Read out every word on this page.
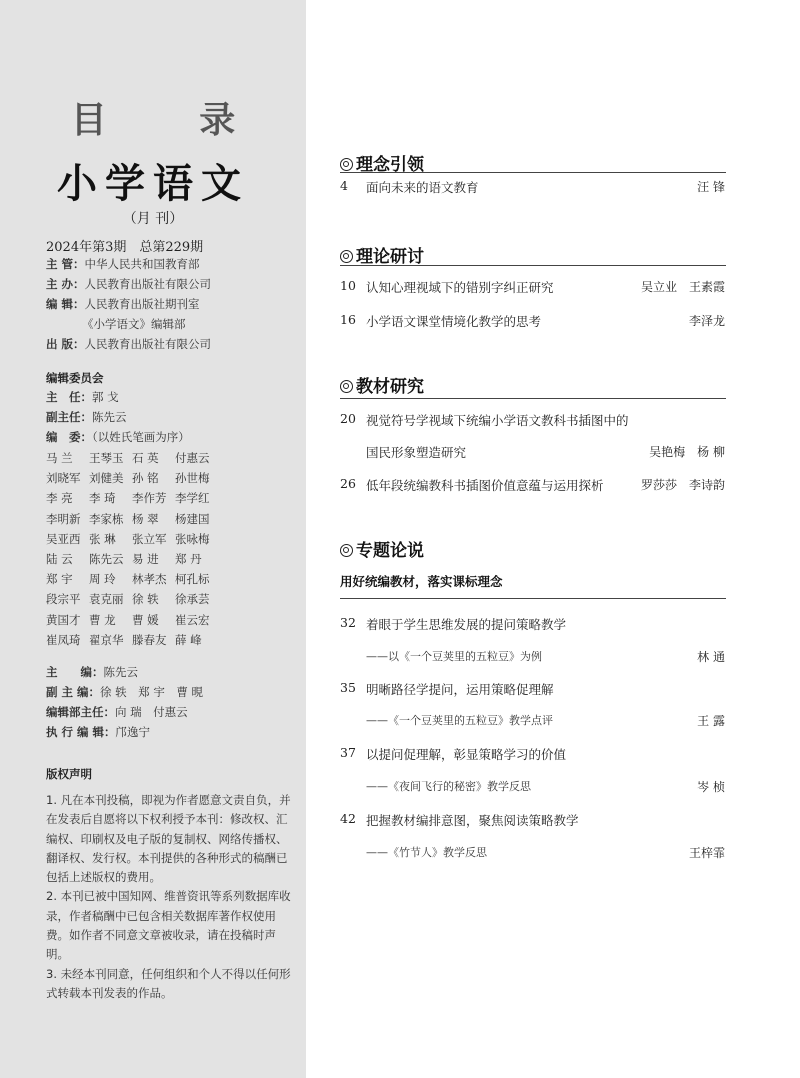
目 录
小学语文
（月 刊）
2024年第3期　总第229期
主 管：中华人民共和国教育部
主 办：人民教育出版社有限公司
编 辑：人民教育出版社期刊室
《小学语文》编辑部
出 版：人民教育出版社有限公司
编辑委员会
主　任：郭 戈
副主任：陈先云
编　委：（以姓氏笔画为序）
马 兰	王琴玉 石 英	付惠云
刘晓军 刘健美 孙 铭	孙世梅
李 亮	李 琦	李作芳 李学红
李明新 李家栋 杨 翠	杨建国
吴亚西 张 琳	张立军 张咏梅
陆 云	陈先云 易 进	郑 丹
郑 宇	周 玲	林孝杰 柯孔标
段宗平 袁克丽 徐 轶	徐承芸
黄国才 曹 龙	曹 媛	崔云宏
崔凤琦 翟京华 滕春友 薛 峰
主　　编：陈先云
副 主 编：徐 轶　郑 宇　曹 晛
编辑部主任：向 瑞　付惠云
执 行 编 辑：邝逸宁
版权声明

1. 凡在本刊投稿，即视为作者愿意文责自负，并在发表后自愿将以下权利授予本刊：修改权、汇编权、印刷权及电子版的复制权、网络传播权、翻译权、发行权。本刊提供的各种形式的稿酬已包括上述版权的费用。

2. 本刊已被中国知网、维普资讯等系列数据库收录，作者稿酬中已包含相关数据库著作权使用费。如作者不同意文章被收录，请在投稿时声明。

3. 未经本刊同意，任何组织和个人不得以任何形式转载本刊发表的作品。

理念引领
4 面向未来的语文教育	汪 锋
理论研讨
10 认知心理视域下的错别字纠正研究	吴立业　王素霞
16 小学语文课堂情境化教学的思考	李泽龙
教材研究
20 视觉符号学视域下统编小学语文教科书插图中的
国民形象塑造研究	吴艳梅　杨 柳
26 低年段统编教科书插图价值意蕴与运用探析	罗莎莎　李诗韵
专题论说
用好统编教材，落实课标理念
32 着眼于学生思维发展的提问策略教学
——以《一个豆荚里的五粒豆》为例	林 通
35 明晰路径学提问，运用策略促理解
——《一个豆荚里的五粒豆》教学点评	王 露
37 以提问促理解，彰显策略学习的价值
——《夜间飞行的秘密》教学反思	岑 桢
42 把握教材编排意图，聚焦阅读策略教学
——《竹节人》教学反思	王梓霏
